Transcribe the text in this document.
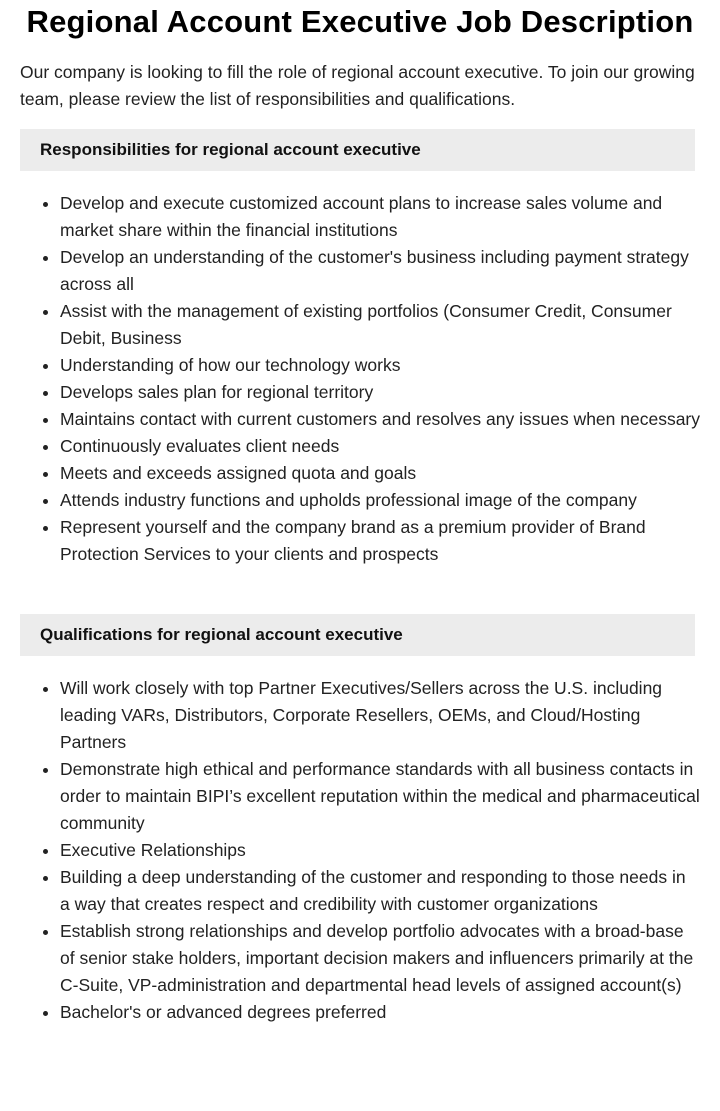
Regional Account Executive Job Description

Our company is looking to fill the role of regional account executive. To join our growing team, please review the list of responsibilities and qualifications.

Responsibilities for regional account executive
• Develop and execute customized account plans to increase sales volume and market share within the financial institutions
• Develop an understanding of the customer's business including payment strategy across all
• Assist with the management of existing portfolios (Consumer Credit, Consumer Debit, Business
• Understanding of how our technology works
• Develops sales plan for regional territory
• Maintains contact with current customers and resolves any issues when necessary
• Continuously evaluates client needs
• Meets and exceeds assigned quota and goals
• Attends industry functions and upholds professional image of the company
• Represent yourself and the company brand as a premium provider of Brand Protection Services to your clients and prospects
Qualifications for regional account executive
• Will work closely with top Partner Executives/Sellers across the U.S. including leading VARs, Distributors, Corporate Resellers, OEMs, and Cloud/Hosting Partners
• Demonstrate high ethical and performance standards with all business contacts in order to maintain BIPI’s excellent reputation within the medical and pharmaceutical community
• Executive Relationships
• Building a deep understanding of the customer and responding to those needs in a way that creates respect and credibility with customer organizations
• Establish strong relationships and develop portfolio advocates with a broad-base of senior stake holders, important decision makers and influencers primarily at the C-Suite, VP-administration and departmental head levels of assigned account(s)
• Bachelor's or advanced degrees preferred
